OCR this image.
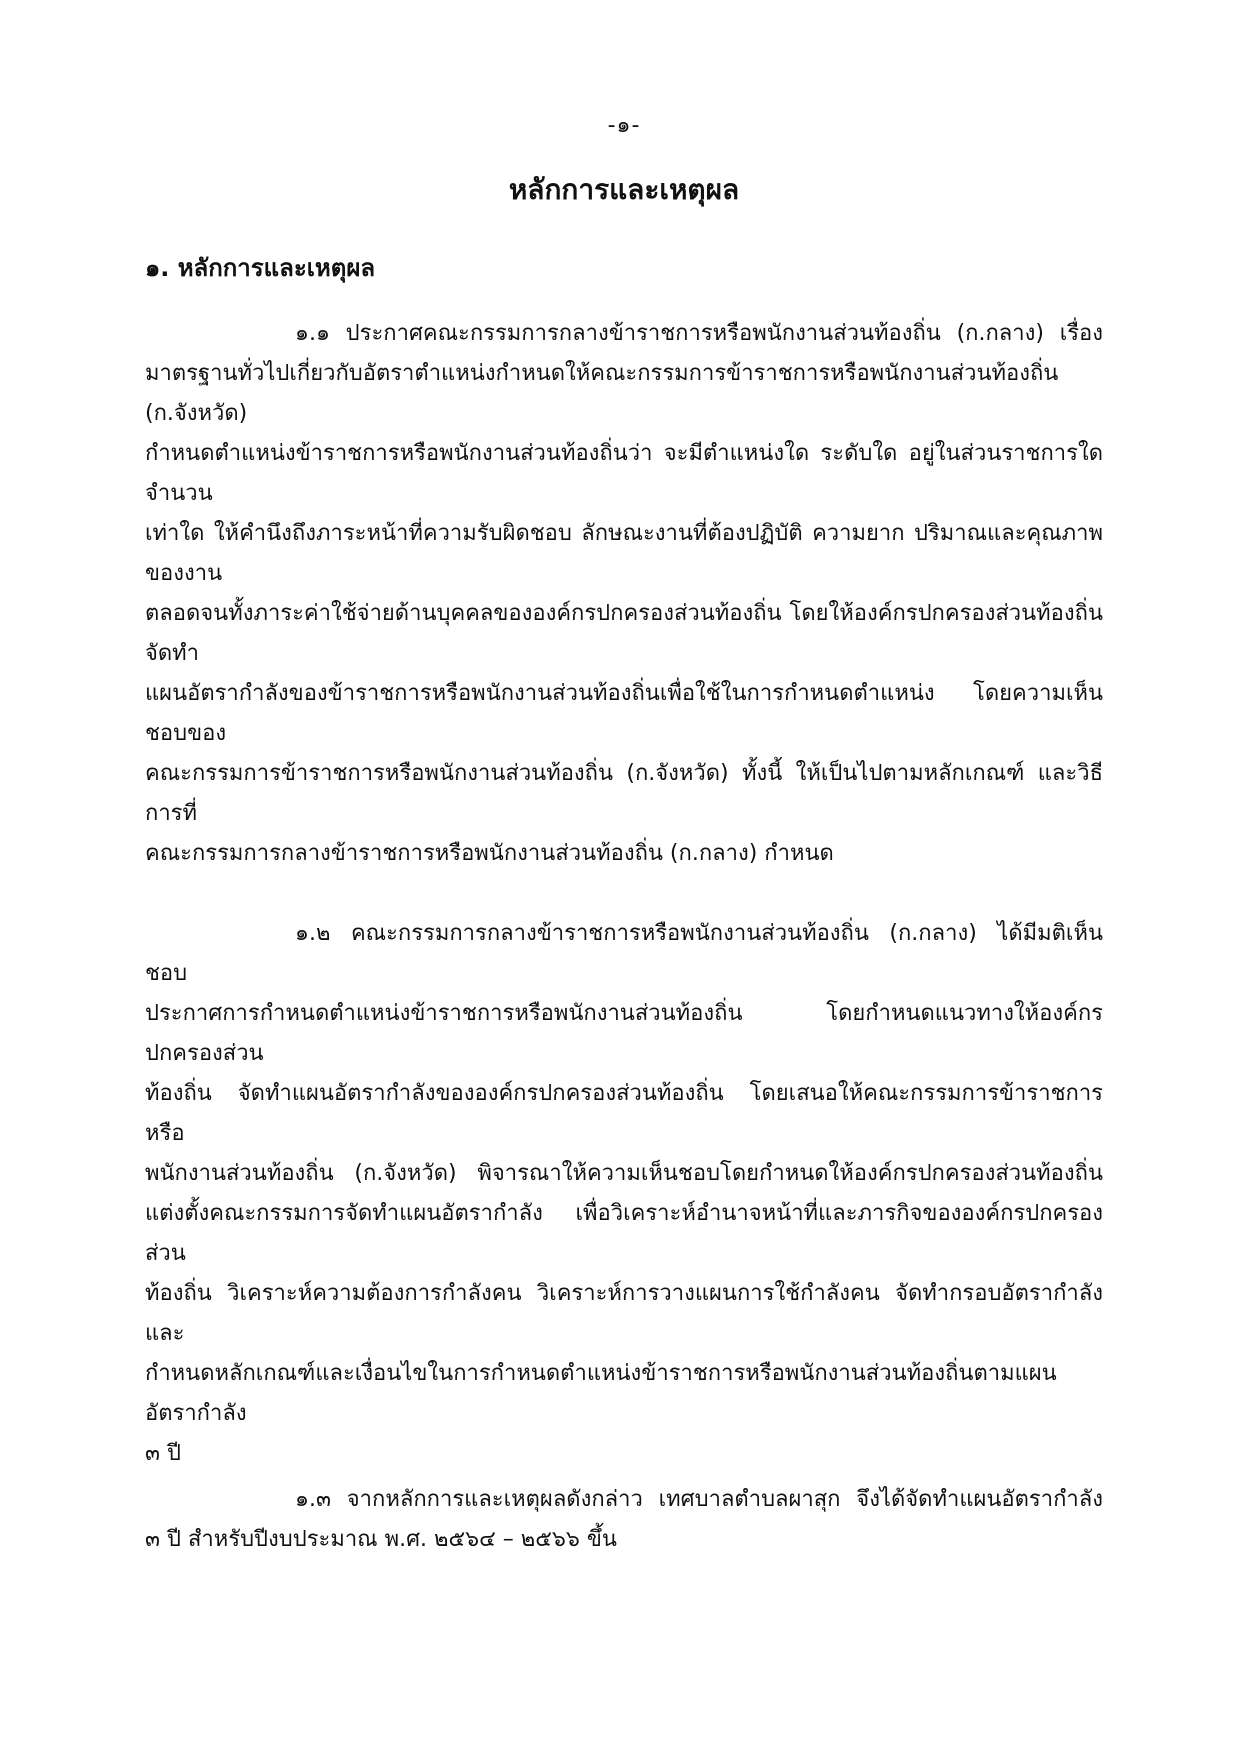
-๑-
หลักการและเหตุผล
๑. หลักการและเหตุผล
๑.๑ ประกาศคณะกรรมการกลางข้าราชการหรือพนักงานส่วนท้องถิ่น (ก.กลาง) เรื่อง
มาตรฐานทั่วไปเกี่ยวกับอัตราตำแหน่งกำหนดให้คณะกรรมการข้าราชการหรือพนักงานส่วนท้องถิ่น (ก.จังหวัด)
กำหนดตำแหน่งข้าราชการหรือพนักงานส่วนท้องถิ่นว่า จะมีตำแหน่งใด ระดับใด อยู่ในส่วนราชการใด จำนวน
เท่าใด ให้คำนึงถึงภาระหน้าที่ความรับผิดชอบ ลักษณะงานที่ต้องปฏิบัติ ความยาก ปริมาณและคุณภาพของงาน
ตลอดจนทั้งภาระค่าใช้จ่ายด้านบุคคลขององค์กรปกครองส่วนท้องถิ่น โดยให้องค์กรปกครองส่วนท้องถิ่น จัดทำ
แผนอัตรากำลังของข้าราชการหรือพนักงานส่วนท้องถิ่นเพื่อใช้ในการกำหนดตำแหน่ง โดยความเห็นชอบของ
คณะกรรมการข้าราชการหรือพนักงานส่วนท้องถิ่น (ก.จังหวัด) ทั้งนี้ ให้เป็นไปตามหลักเกณฑ์ และวิธีการที่
คณะกรรมการกลางข้าราชการหรือพนักงานส่วนท้องถิ่น (ก.กลาง) กำหนด
๑.๒ คณะกรรมการกลางข้าราชการหรือพนักงานส่วนท้องถิ่น (ก.กลาง) ได้มีมติเห็นชอบ
ประกาศการกำหนดตำแหน่งข้าราชการหรือพนักงานส่วนท้องถิ่น โดยกำหนดแนวทางให้องค์กรปกครองส่วน
ท้องถิ่น จัดทำแผนอัตรากำลังขององค์กรปกครองส่วนท้องถิ่น โดยเสนอให้คณะกรรมการข้าราชการหรือ
พนักงานส่วนท้องถิ่น (ก.จังหวัด) พิจารณาให้ความเห็นชอบโดยกำหนดให้องค์กรปกครองส่วนท้องถิ่น
แต่งตั้งคณะกรรมการจัดทำแผนอัตรากำลัง เพื่อวิเคราะห์อำนาจหน้าที่และภารกิจขององค์กรปกครองส่วน
ท้องถิ่น วิเคราะห์ความต้องการกำลังคน วิเคราะห์การวางแผนการใช้กำลังคน จัดทำกรอบอัตรากำลังและ
กำหนดหลักเกณฑ์และเงื่อนไขในการกำหนดตำแหน่งข้าราชการหรือพนักงานส่วนท้องถิ่นตามแผนอัตรากำลัง
๓ ปี
๑.๓ จากหลักการและเหตุผลดังกล่าว เทศบาลตำบลผาสุก จึงได้จัดทำแผนอัตรากำลัง
๓ ปี สำหรับปีงบประมาณ พ.ศ. ๒๕๖๔ – ๒๕๖๖ ขึ้น
